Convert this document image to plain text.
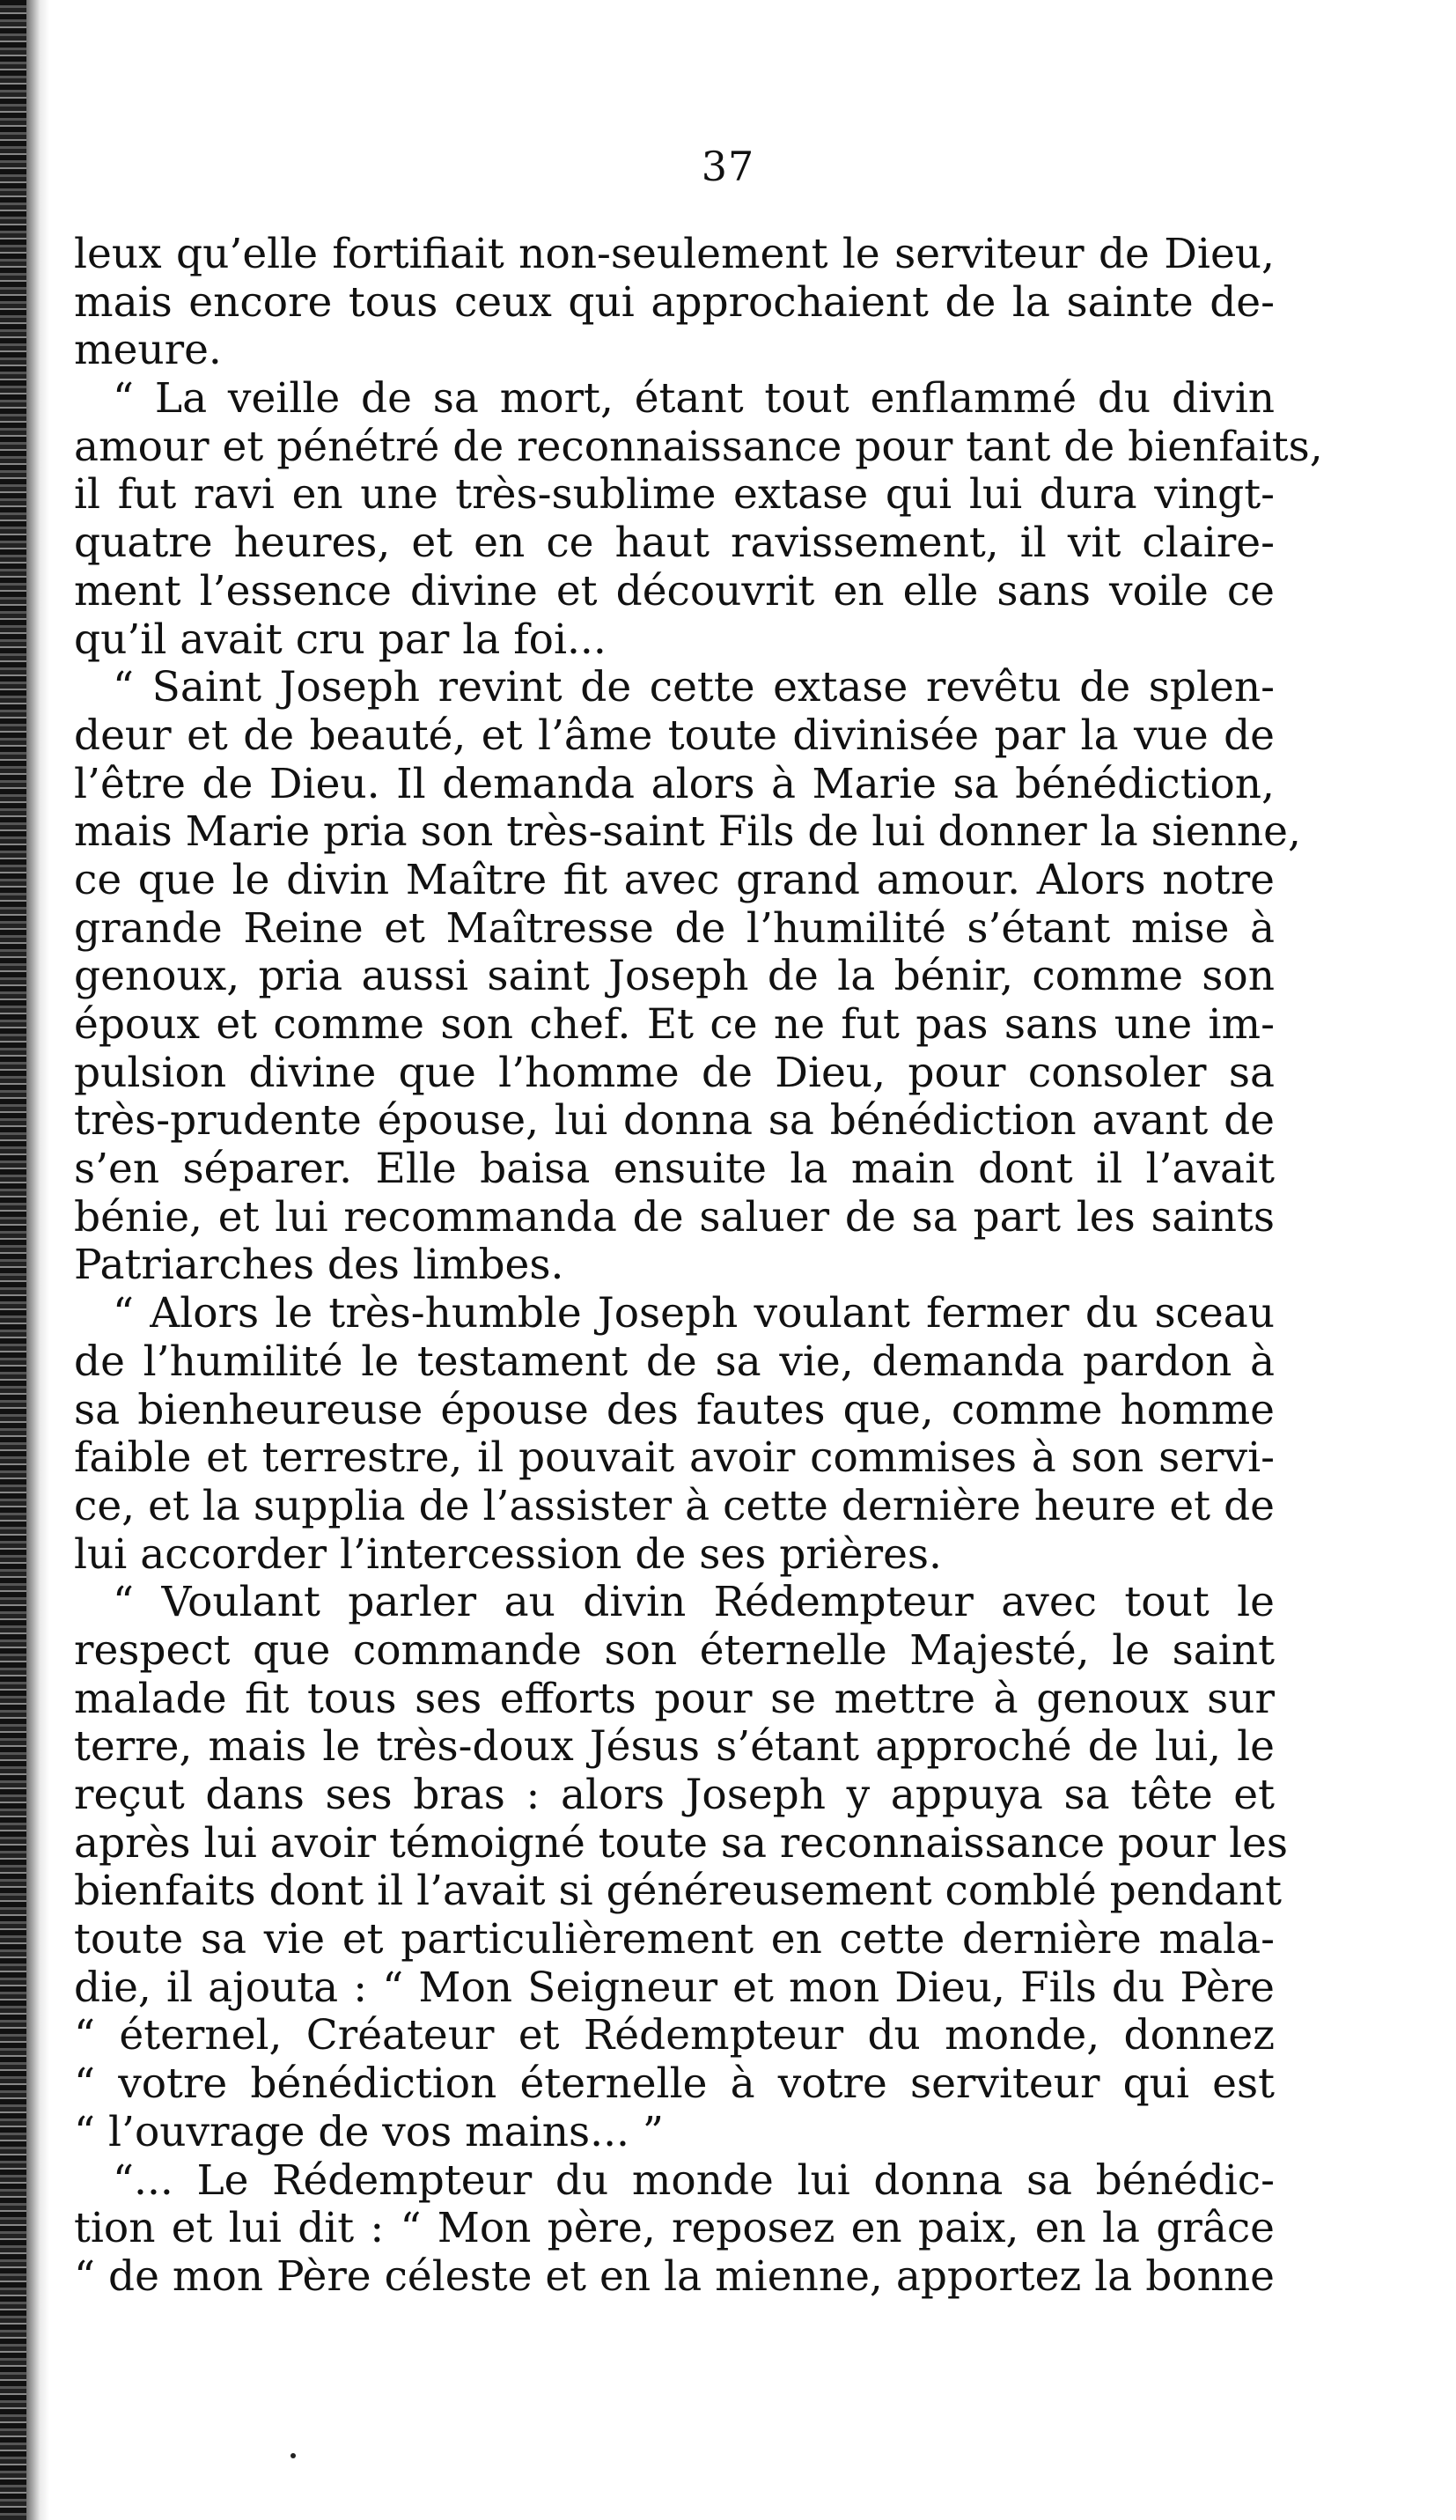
37
leux qu’elle fortifiait non-seulement le serviteur de Dieu,
mais encore tous ceux qui approchaient de la sainte de-
meure.
“ La veille de sa mort, étant tout enflammé du divin
amour et pénétré de reconnaissance pour tant de bienfaits,
il fut ravi en une très-sublime extase qui lui dura vingt-
quatre heures, et en ce haut ravissement, il vit claire-
ment l’essence divine et découvrit en elle sans voile ce
qu’il avait cru par la foi...
“ Saint Joseph revint de cette extase revêtu de splen-
deur et de beauté, et l’âme toute divinisée par la vue de
l’être de Dieu. Il demanda alors à Marie sa bénédiction,
mais Marie pria son très-saint Fils de lui donner la sienne,
ce que le divin Maître fit avec grand amour. Alors notre
grande Reine et Maîtresse de l’humilité s’étant mise à
genoux, pria aussi saint Joseph de la bénir, comme son
époux et comme son chef. Et ce ne fut pas sans une im-
pulsion divine que l’homme de Dieu, pour consoler sa
très-prudente épouse, lui donna sa bénédiction avant de
s’en séparer. Elle baisa ensuite la main dont il l’avait
bénie, et lui recommanda de saluer de sa part les saints
Patriarches des limbes.
“ Alors le très-humble Joseph voulant fermer du sceau
de l’humilité le testament de sa vie, demanda pardon à
sa bienheureuse épouse des fautes que, comme homme
faible et terrestre, il pouvait avoir commises à son servi-
ce, et la supplia de l’assister à cette dernière heure et de
lui accorder l’intercession de ses prières.
“ Voulant parler au divin Rédempteur avec tout le
respect que commande son éternelle Majesté, le saint
malade fit tous ses efforts pour se mettre à genoux sur
terre, mais le très-doux Jésus s’étant approché de lui, le
reçut dans ses bras : alors Joseph y appuya sa tête et
après lui avoir témoigné toute sa reconnaissance pour les
bienfaits dont il l’avait si généreusement comblé pendant
toute sa vie et particulièrement en cette dernière mala-
die, il ajouta : “ Mon Seigneur et mon Dieu, Fils du Père
“ éternel, Créateur et Rédempteur du monde, donnez
“ votre bénédiction éternelle à votre serviteur qui est
“ l’ouvrage de vos mains... ”
“... Le Rédempteur du monde lui donna sa bénédic-
tion et lui dit : “ Mon père, reposez en paix, en la grâce
“ de mon Père céleste et en la mienne, apportez la bonne
